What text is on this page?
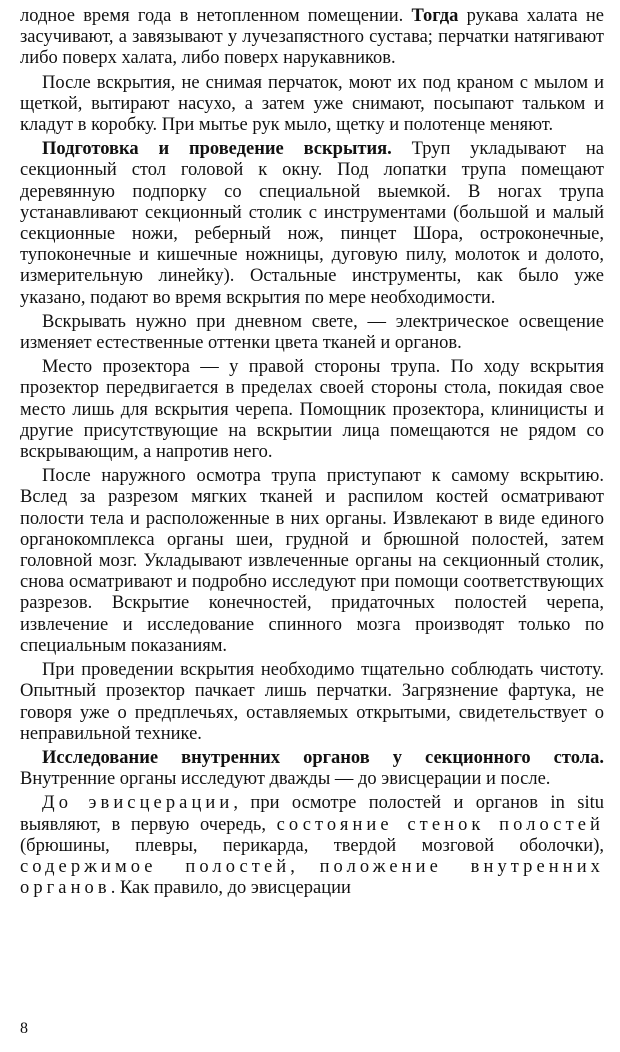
лодное время года в нетопленном помещении. Тогда рукава халата не засучивают, а завязывают у лучезапястного сустава; перчатки натягивают либо поверх халата, либо поверх нарукавников.

После вскрытия, не снимая перчаток, моют их под краном с мылом и щеткой, вытирают насухо, а затем уже снимают, посыпают тальком и кладут в коробку. При мытье рук мыло, щетку и полотенце меняют.

Подготовка и проведение вскрытия. Труп укладывают на секционный стол головой к окну. Под лопатки трупа помещают деревянную подпорку со специальной выемкой. В ногах трупа устанавливают секционный столик с инструментами (большой и малый секционные ножи, реберный нож, пинцет Шора, остроконечные, тупоконечные и кишечные ножницы, дуговую пилу, молоток и долото, измерительную линейку). Остальные инструменты, как было уже указано, подают во время вскрытия по мере необходимости.

Вскрывать нужно при дневном свете, — электрическое освещение изменяет естественные оттенки цвета тканей и органов.

Место прозектора — у правой стороны трупа. По ходу вскрытия прозектор передвигается в пределах своей стороны стола, покидая свое место лишь для вскрытия черепа. Помощник прозектора, клиницисты и другие присутствующие на вскрытии лица помещаются не рядом со вскрывающим, а напротив него.

После наружного осмотра трупа приступают к самому вскрытию. Вслед за разрезом мягких тканей и распилом костей осматривают полости тела и расположенные в них органы. Извлекают в виде единого органокомплекса органы шеи, грудной и брюшной полостей, затем головной мозг. Укладывают извлеченные органы на секционный столик, снова осматривают и подробно исследуют при помощи соответствующих разрезов. Вскрытие конечностей, придаточных полостей черепа, извлечение и исследование спинного мозга производят только по специальным показаниям.

При проведении вскрытия необходимо тщательно соблюдать чистоту. Опытный прозектор пачкает лишь перчатки. Загрязнение фартука, не говоря уже о предплечьях, оставляемых открытыми, свидетельствует о неправильной технике.

Исследование внутренних органов у секционного стола. Внутренние органы исследуют дважды — до эвисцерации и после.

До эвисцерации, при осмотре полостей и органов in situ выявляют, в первую очередь, состояние стенок полостей (брюшины, плевры, перикарда, твердой мозговой оболочки), содержимое полостей, положение внутренних органов. Как правило, до эвисцерации

8
